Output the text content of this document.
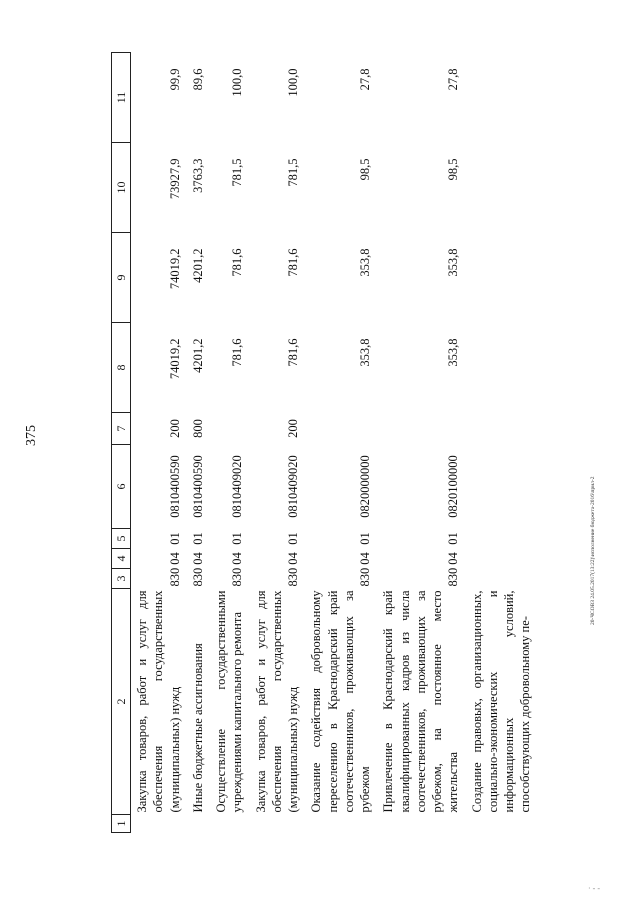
375
1	2	3	4	5	6	7	8	9	10	11
	Закупка товаров, работ и услуг для обеспечения государственных (муниципальных) нужд	830	04	01	0810400590	200	74019,2	74019,2	73927,9	99,9
	Иные бюджетные ассигнования	830	04	01	0810400590	800	4201,2	4201,2	3763,3	89,6
	Осуществление государственными учреждениями капитального ремонта	830	04	01	0810409020		781,6	781,6	781,5	100,0
	Закупка товаров, работ и услуг для обеспечения государственных (муниципальных) нужд	830	04	01	0810409020	200	781,6	781,6	781,5	100,0
	Оказание содействия добровольному переселению в Краснодарский край соотечественников, проживающих за рубежом	830	04	01	0820000000		353,8	353,8	98,5	27,8
	Привлечение в Краснодарский край квалифицированных кадров из числа соотечественников, проживающих за рубежом, на постоянное место жительства	830	04	01	0820100000		353,8	353,8	98,5	27,8
	Создание правовых, организационных, социально-экономических и информационных условий, способствующих добровольному пе-									
20-ЧСОВЗ 24.05.2017(13:22)\исполнение бюджета-2016\прил-2
· - -
